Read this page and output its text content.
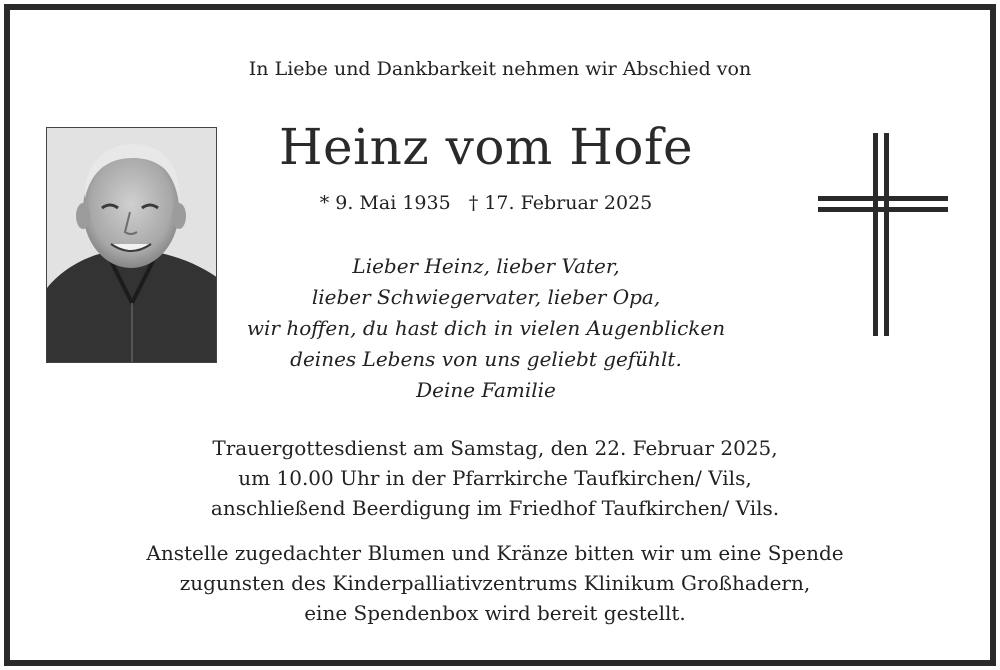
In Liebe und Dankbarkeit nehmen wir Abschied von
Heinz vom Hofe
* 9. Mai 1935   † 17. Februar 2025
Lieber Heinz, lieber Vater,
lieber Schwiegervater, lieber Opa,
wir hoffen, du hast dich in vielen Augenblicken
deines Lebens von uns geliebt gefühlt.
Deine Familie
Trauergottesdienst am Samstag, den 22. Februar 2025,
um 10.00 Uhr in der Pfarrkirche Taufkirchen/ Vils,
anschließend Beerdigung im Friedhof Taufkirchen/ Vils.
Anstelle zugedachter Blumen und Kränze bitten wir um eine Spende
zugunsten des Kinderpalliativzentrums Klinikum Großhadern,
eine Spendenbox wird bereit gestellt.
